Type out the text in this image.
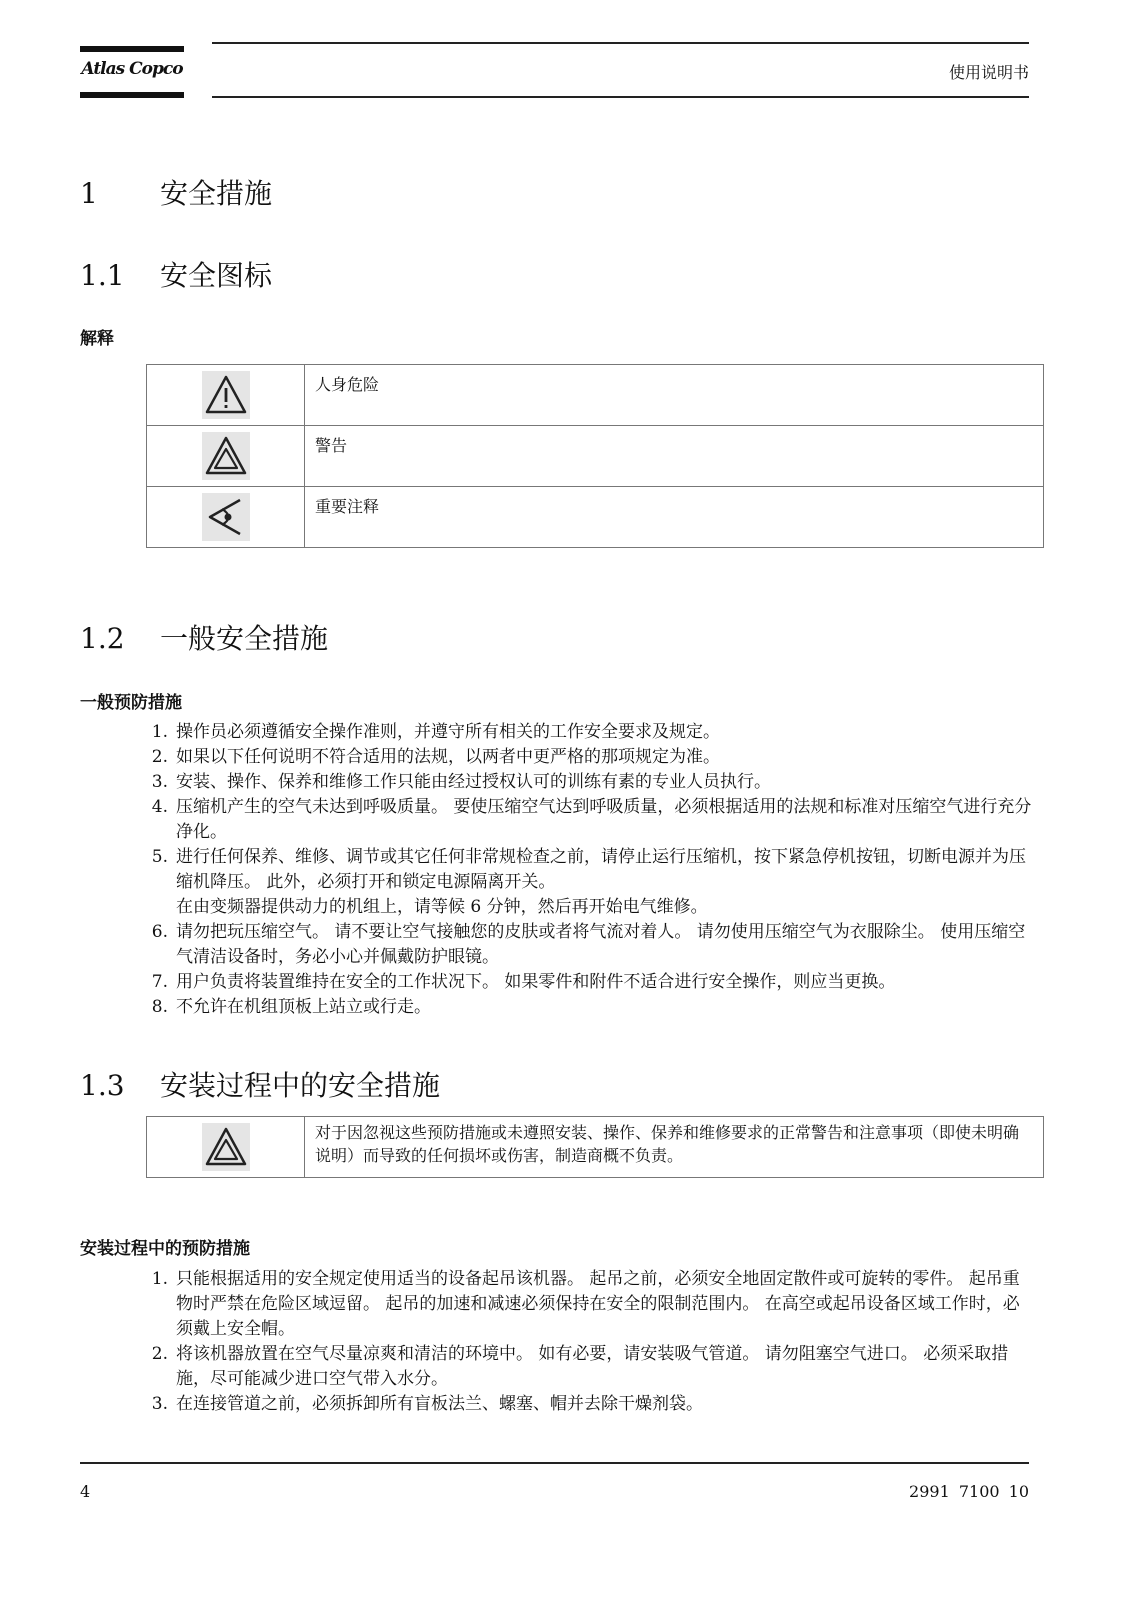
Atlas Copco	使用说明书
1 安全措施
1.1 安全图标
解释
	人身危险

	警告

	重要注释
1.2 一般安全措施
一般预防措施
1. 操作员必须遵循安全操作准则，并遵守所有相关的工作安全要求及规定。
2. 如果以下任何说明不符合适用的法规，以两者中更严格的那项规定为准。
3. 安装、操作、保养和维修工作只能由经过授权认可的训练有素的专业人员执行。
4. 压缩机产生的空气未达到呼吸质量。 要使压缩空气达到呼吸质量，必须根据适用的法规和标准对压缩空气进行充分净化。
5. 进行任何保养、维修、调节或其它任何非常规检查之前，请停止运行压缩机，按下紧急停机按钮，切断电源并为压缩机降压。 此外，必须打开和锁定电源隔离开关。
在由变频器提供动力的机组上，请等候 6 分钟，然后再开始电气维修。
6. 请勿把玩压缩空气。 请不要让空气接触您的皮肤或者将气流对着人。 请勿使用压缩空气为衣服除尘。 使用压缩空气清洁设备时，务必小心并佩戴防护眼镜。
7. 用户负责将装置维持在安全的工作状况下。 如果零件和附件不适合进行安全操作，则应当更换。
8. 不允许在机组顶板上站立或行走。
1.3 安装过程中的安全措施
	对于因忽视这些预防措施或未遵照安装、操作、保养和维修要求的正常警告和注意事项（即使未明确说明）而导致的任何损坏或伤害，制造商概不负责。
安装过程中的预防措施
1. 只能根据适用的安全规定使用适当的设备起吊该机器。 起吊之前，必须安全地固定散件或可旋转的零件。 起吊重物时严禁在危险区域逗留。 起吊的加速和减速必须保持在安全的限制范围内。 在高空或起吊设备区域工作时，必须戴上安全帽。
2. 将该机器放置在空气尽量凉爽和清洁的环境中。 如有必要，请安装吸气管道。 请勿阻塞空气进口。 必须采取措施，尽可能减少进口空气带入水分。
3. 在连接管道之前，必须拆卸所有盲板法兰、螺塞、帽并去除干燥剂袋。
4	2991 7100 10
